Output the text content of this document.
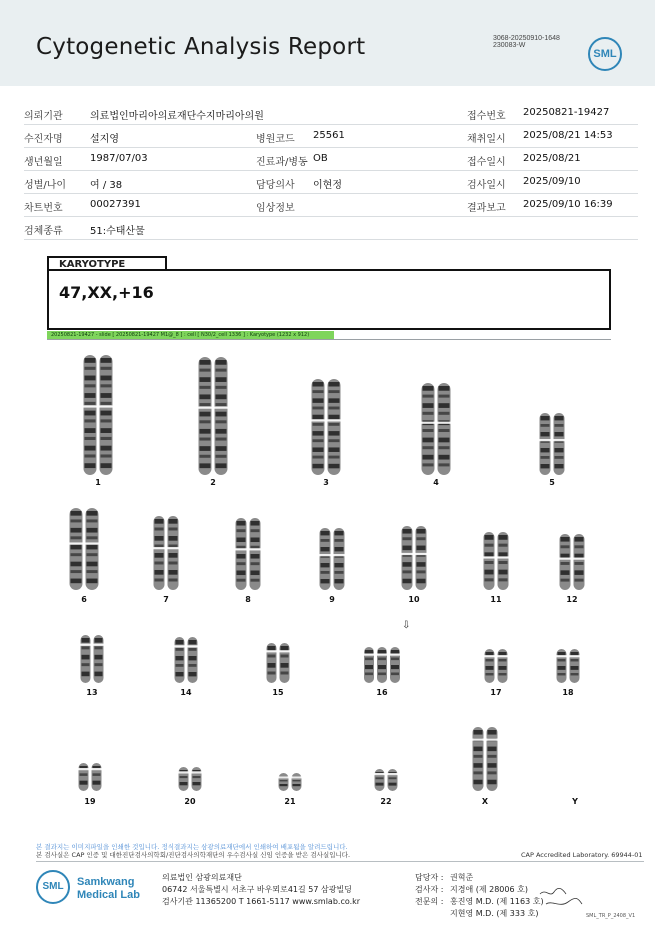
Cytogenetic Analysis Report	3068-20250910-1648
230083-W
SML
의뢰기관	의료법인마리아의료재단수지마리아의원	접수번호 20250821-19427
수진자명	설지영	병원코드 25561	채취일시 2025/08/21 14:53
생년월일	1987/07/03	진료과/병동 OB	접수일시 2025/08/21
성별/나이 여 / 38	담당의사 이현정	검사일시 2025/09/10
차트번호	00027391	임상정보	결과보고 2025/09/10 16:39
검체종류	51:수태산물
KARYOTYPE
47,XX,+16
20250821-19427 - slide [ 20250821-19427 M1@_8 ] : cell [ N30/2_cell 1336 ] : Karyotype (1232 x 912)
1	2	3	4	5
6	7	8	9	10	11	12
13	14	15	16	17	18
19	20	21	22	X	Y
⇩
본 결과지는 이미지파일을 인쇄한 것입니다. 정식결과지는 삼광의료재단에서 인쇄하여 배포됨을 알려드립니다.
본 검사실은 CAP 인증 및 대한진단검사의학회/진단검사의학재단의 우수검사실 신임 인증을 받은 검사실입니다.	CAP Accredited Laboratory. 69944-01
SML	Samkwang
Medical Lab
의료법인 삼광의료재단
06742 서울특별시 서초구 바우뫼로41길 57 삼광빌딩
검사기관 11365200 T 1661-5117 www.smlab.co.kr
담당자 : 권혁준
검사자 : 지경애 (제 28006 호)
전문의 : 홍진영 M.D. (제 1163 호)
지현영 M.D. (제 333 호)	SML_TR_P_2408_V1
